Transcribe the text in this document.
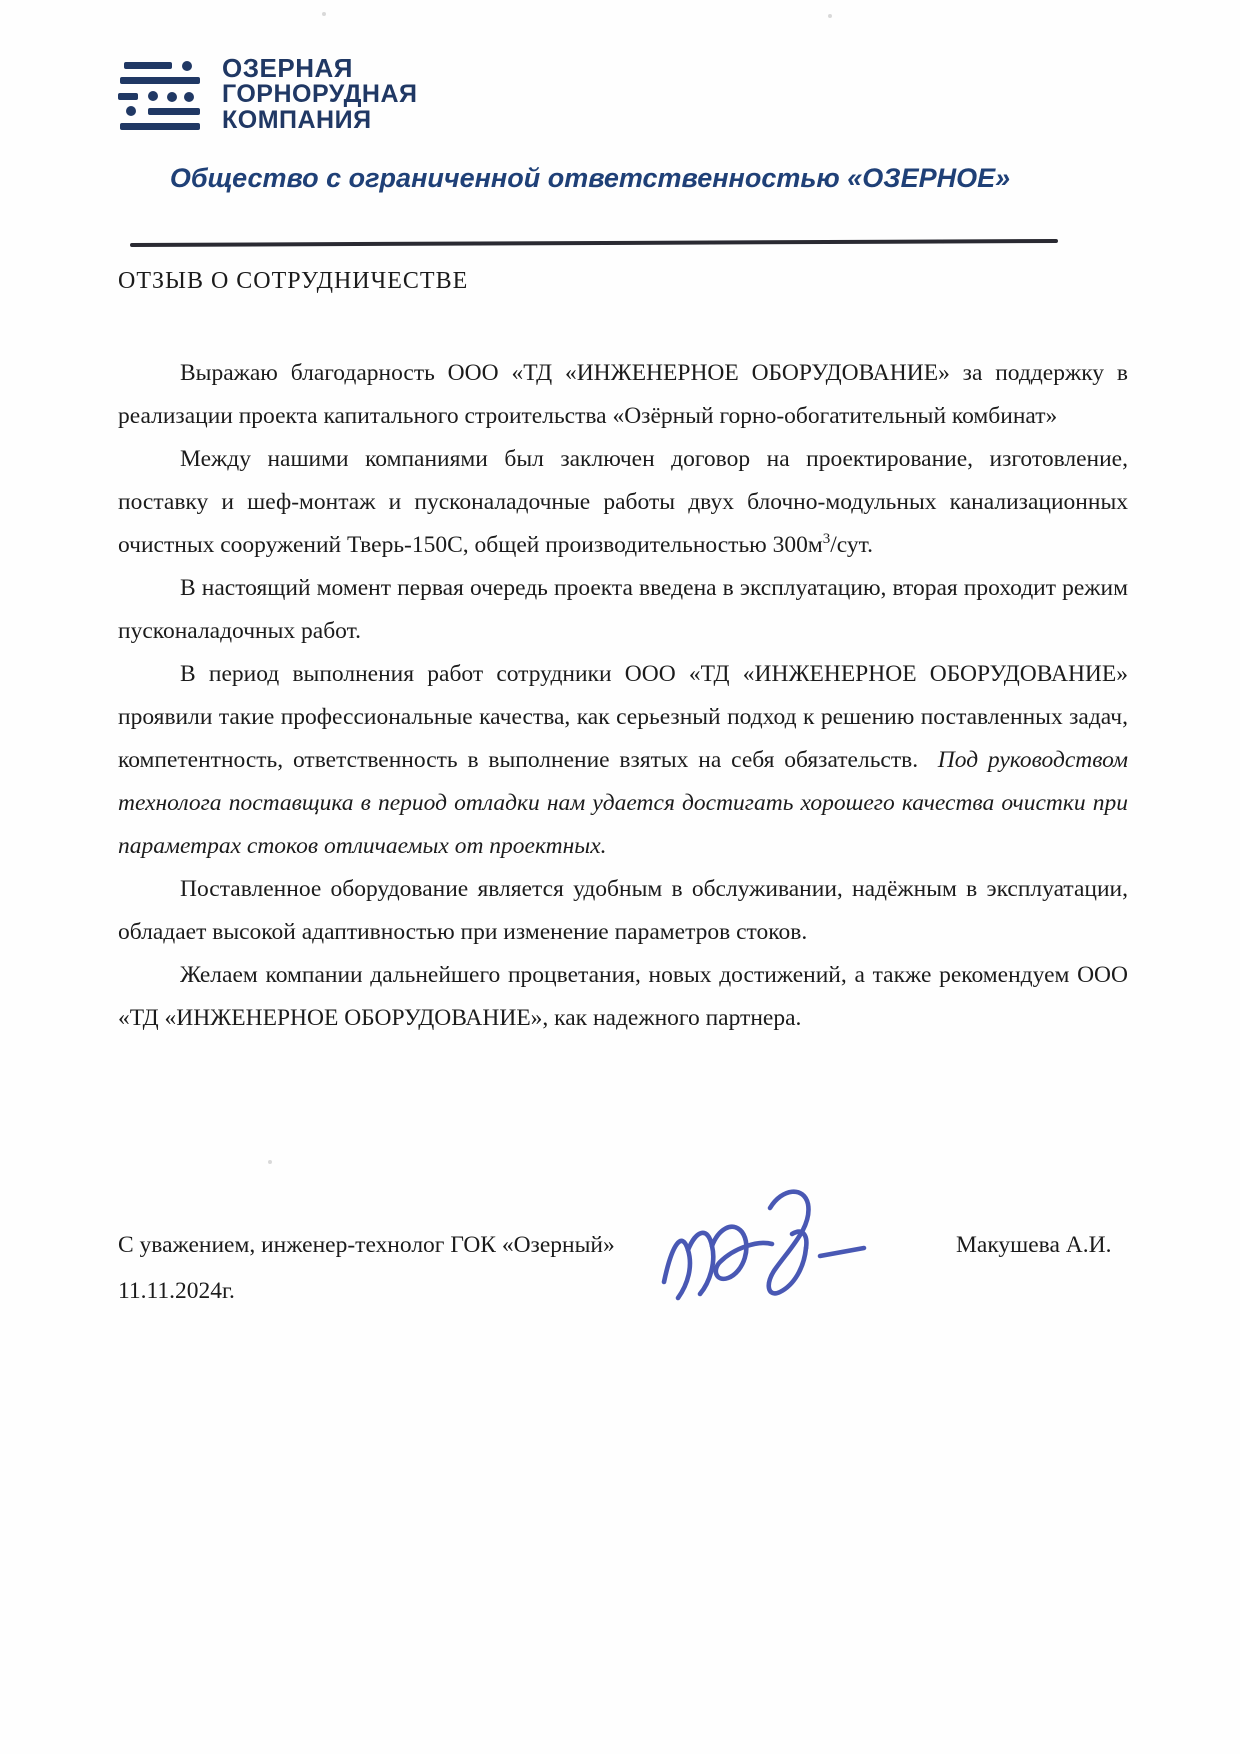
ОЗЕРНАЯ
ГОРНОРУДНАЯ
КОМПАНИЯ
Общество с ограниченной ответственностью «ОЗЕРНОЕ»
ОТЗЫВ О СОТРУДНИЧЕСТВЕ

Выражаю благодарность ООО «ТД «ИНЖЕНЕРНОЕ ОБОРУДОВАНИЕ» за поддержку в реализации проекта капитального строительства «Озёрный горно-обогатительный комбинат»

Между нашими компаниями был заключен договор на проектирование, изготовление, поставку и шеф-монтаж и пусконаладочные работы двух блочно-модульных канализационных очистных сооружений Тверь-150С, общей производительностью $300м^3$/сут.

В настоящий момент первая очередь проекта введена в эксплуатацию, вторая проходит режим пусконаладочных работ.

В период выполнения работ сотрудники ООО «ТД «ИНЖЕНЕРНОЕ ОБОРУДОВАНИЕ» проявили такие профессиональные качества, как серьезный подход к решению поставленных задач, компетентность, ответственность в выполнение взятых на себя обязательств.  Под руководством технолога поставщика в период отладки нам удается достигать хорошего качества очистки при параметрах стоков отличаемых от проектных.

Поставленное оборудование является удобным в обслуживании, надёжным в эксплуатации, обладает высокой адаптивностью при изменение параметров стоков.

Желаем компании дальнейшего процветания, новых достижений, а также рекомендуем ООО «ТД «ИНЖЕНЕРНОЕ ОБОРУДОВАНИЕ», как надежного партнера.

С уважением, инженер-технолог ГОК «Озерный»	Макушева А.И.
11.11.2024г.
